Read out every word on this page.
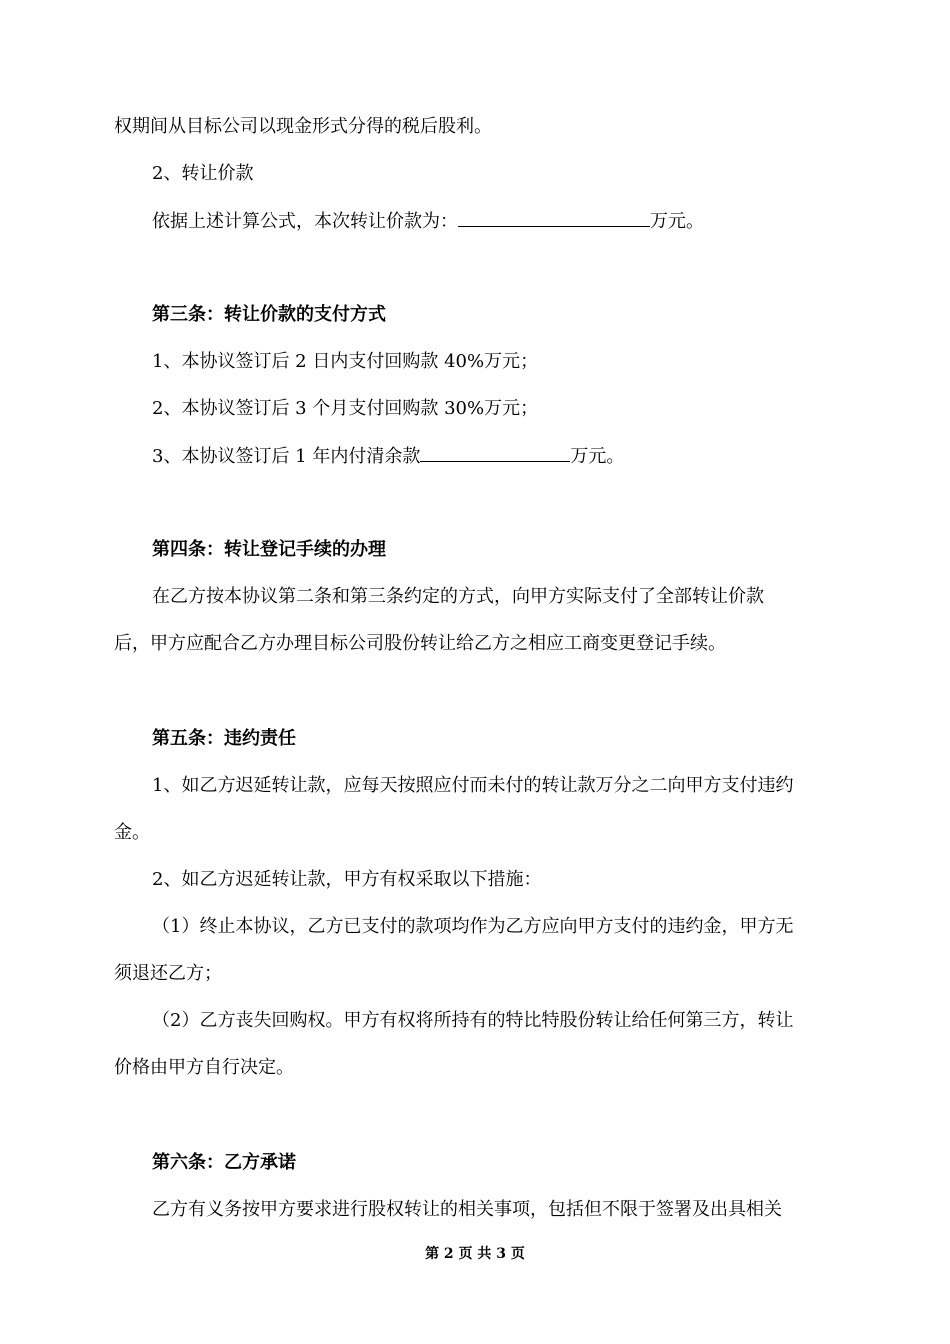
权期间从目标公司以现金形式分得的税后股利。

2、转让价款

依据上述计算公式，本次转让价款为：	万元。

第三条：转让价款的支付方式

1、本协议签订后 2 日内支付回购款 40%万元；

2、本协议签订后 3 个月支付回购款 30%万元；

3、本协议签订后 1 年内付清余款	万元。

第四条：转让登记手续的办理

在乙方按本协议第二条和第三条约定的方式，向甲方实际支付了全部转让价款

后，甲方应配合乙方办理目标公司股份转让给乙方之相应工商变更登记手续。

第五条：违约责任

1、如乙方迟延转让款，应每天按照应付而未付的转让款万分之二向甲方支付违约

金。

2、如乙方迟延转让款，甲方有权采取以下措施：

（1）终止本协议，乙方已支付的款项均作为乙方应向甲方支付的违约金，甲方无

须退还乙方；

（2）乙方丧失回购权。甲方有权将所持有的特比特股份转让给任何第三方，转让

价格由甲方自行决定。

第六条：乙方承诺

乙方有义务按甲方要求进行股权转让的相关事项，包括但不限于签署及出具相关

第 2 页 共 3 页
